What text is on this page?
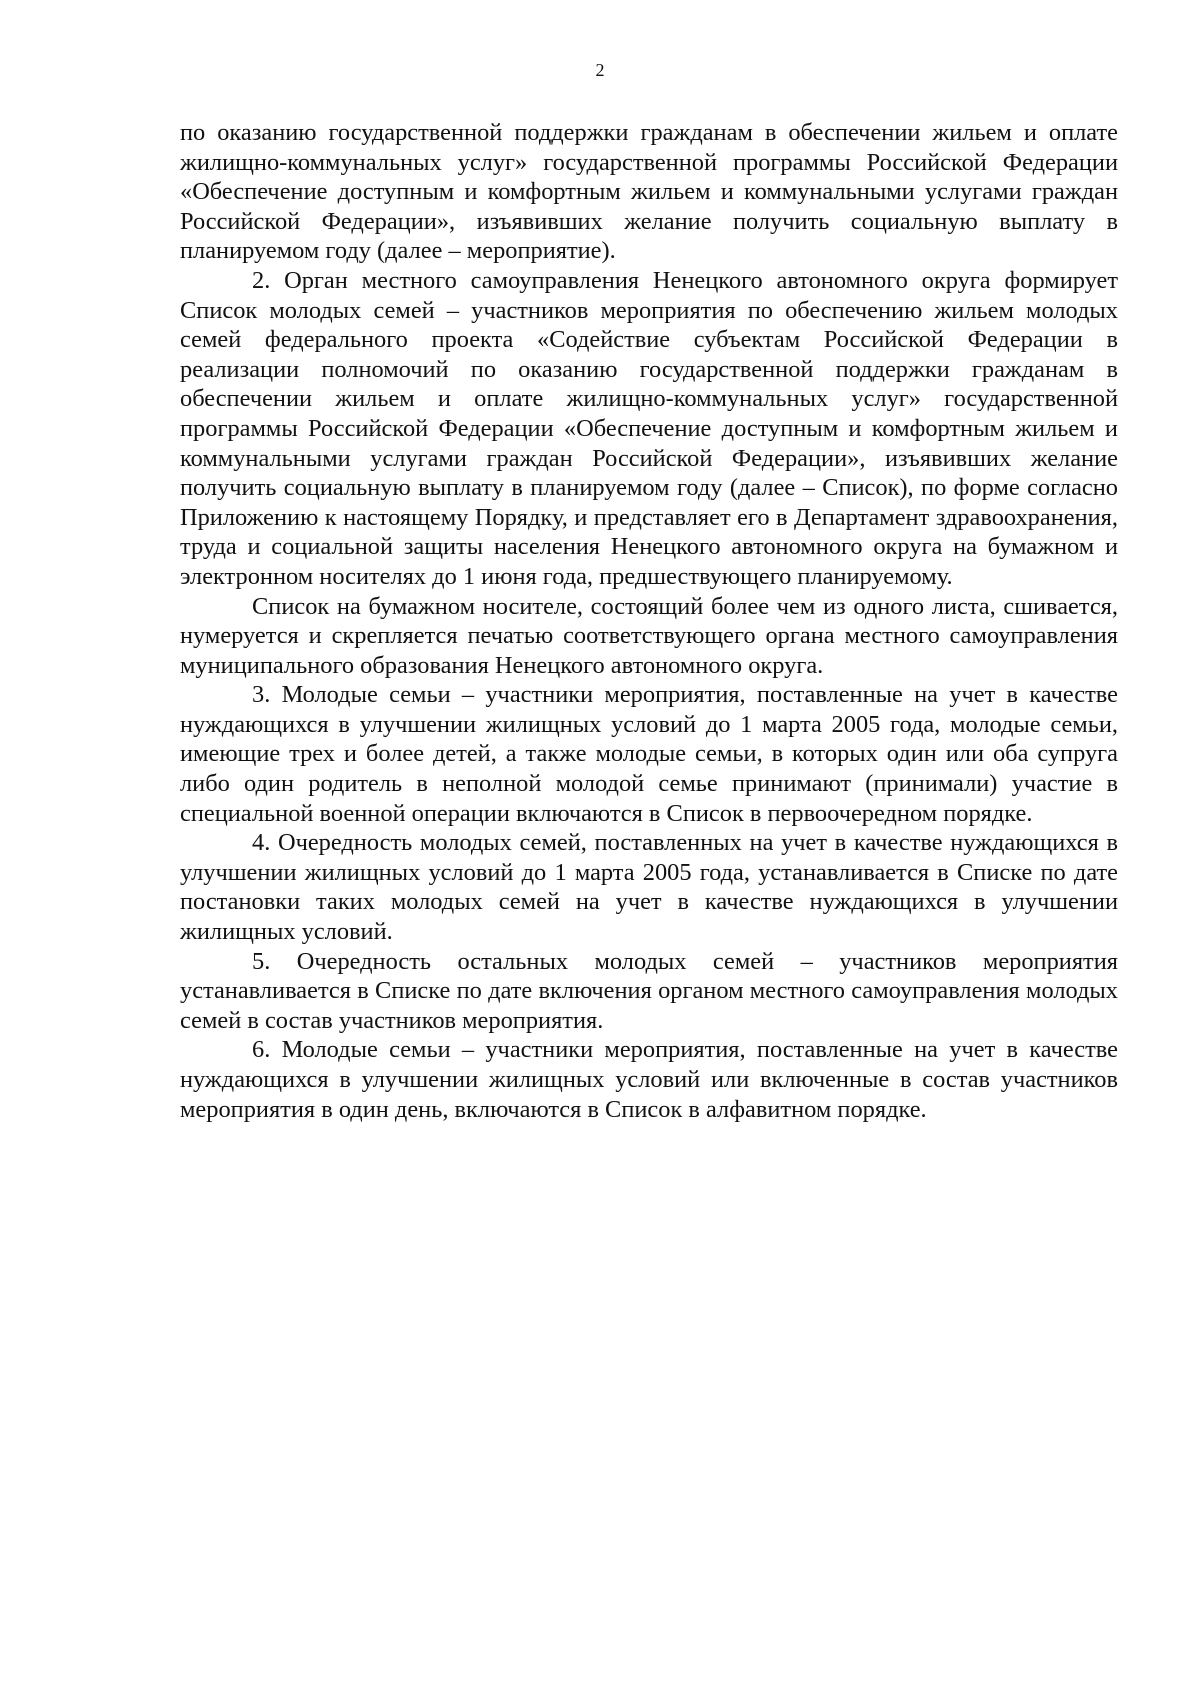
2

по оказанию государственной поддержки гражданам в обеспечении жильем и оплате жилищно-коммунальных услуг» государственной программы Российской Федерации «Обеспечение доступным и комфортным жильем и коммунальными услугами граждан Российской Федерации», изъявивших желание получить социальную выплату в планируемом году (далее – мероприятие).

2. Орган местного самоуправления Ненецкого автономного округа формирует Список молодых семей – участников мероприятия по обеспечению жильем молодых семей федерального проекта «Содействие субъектам Российской Федерации в реализации полномочий по оказанию государственной поддержки гражданам в обеспечении жильем и оплате жилищно-коммунальных услуг» государственной программы Российской Федерации «Обеспечение доступным и комфортным жильем и коммунальными услугами граждан Российской Федерации», изъявивших желание получить социальную выплату в планируемом году (далее – Список), по форме согласно Приложению к настоящему Порядку, и представляет его в Департамент здравоохранения, труда и социальной защиты населения Ненецкого автономного округа на бумажном и электронном носителях до 1 июня года, предшествующего планируемому.

Список на бумажном носителе, состоящий более чем из одного листа, сшивается, нумеруется и скрепляется печатью соответствующего органа местного самоуправления муниципального образования Ненецкого автономного округа.

3. Молодые семьи – участники мероприятия, поставленные на учет в качестве нуждающихся в улучшении жилищных условий до 1 марта 2005 года, молодые семьи, имеющие трех и более детей, а также молодые семьи, в которых один или оба супруга либо один родитель в неполной молодой семье принимают (принимали) участие в специальной военной операции включаются в Список в первоочередном порядке.

4. Очередность молодых семей, поставленных на учет в качестве нуждающихся в улучшении жилищных условий до 1 марта 2005 года, устанавливается в Списке по дате постановки таких молодых семей на учет в качестве нуждающихся в улучшении жилищных условий.

5. Очередность остальных молодых семей – участников мероприятия устанавливается в Списке по дате включения органом местного самоуправления молодых семей в состав участников мероприятия.

6. Молодые семьи – участники мероприятия, поставленные на учет в качестве нуждающихся в улучшении жилищных условий или включенные в состав участников мероприятия в один день, включаются в Список в алфавитном порядке.
